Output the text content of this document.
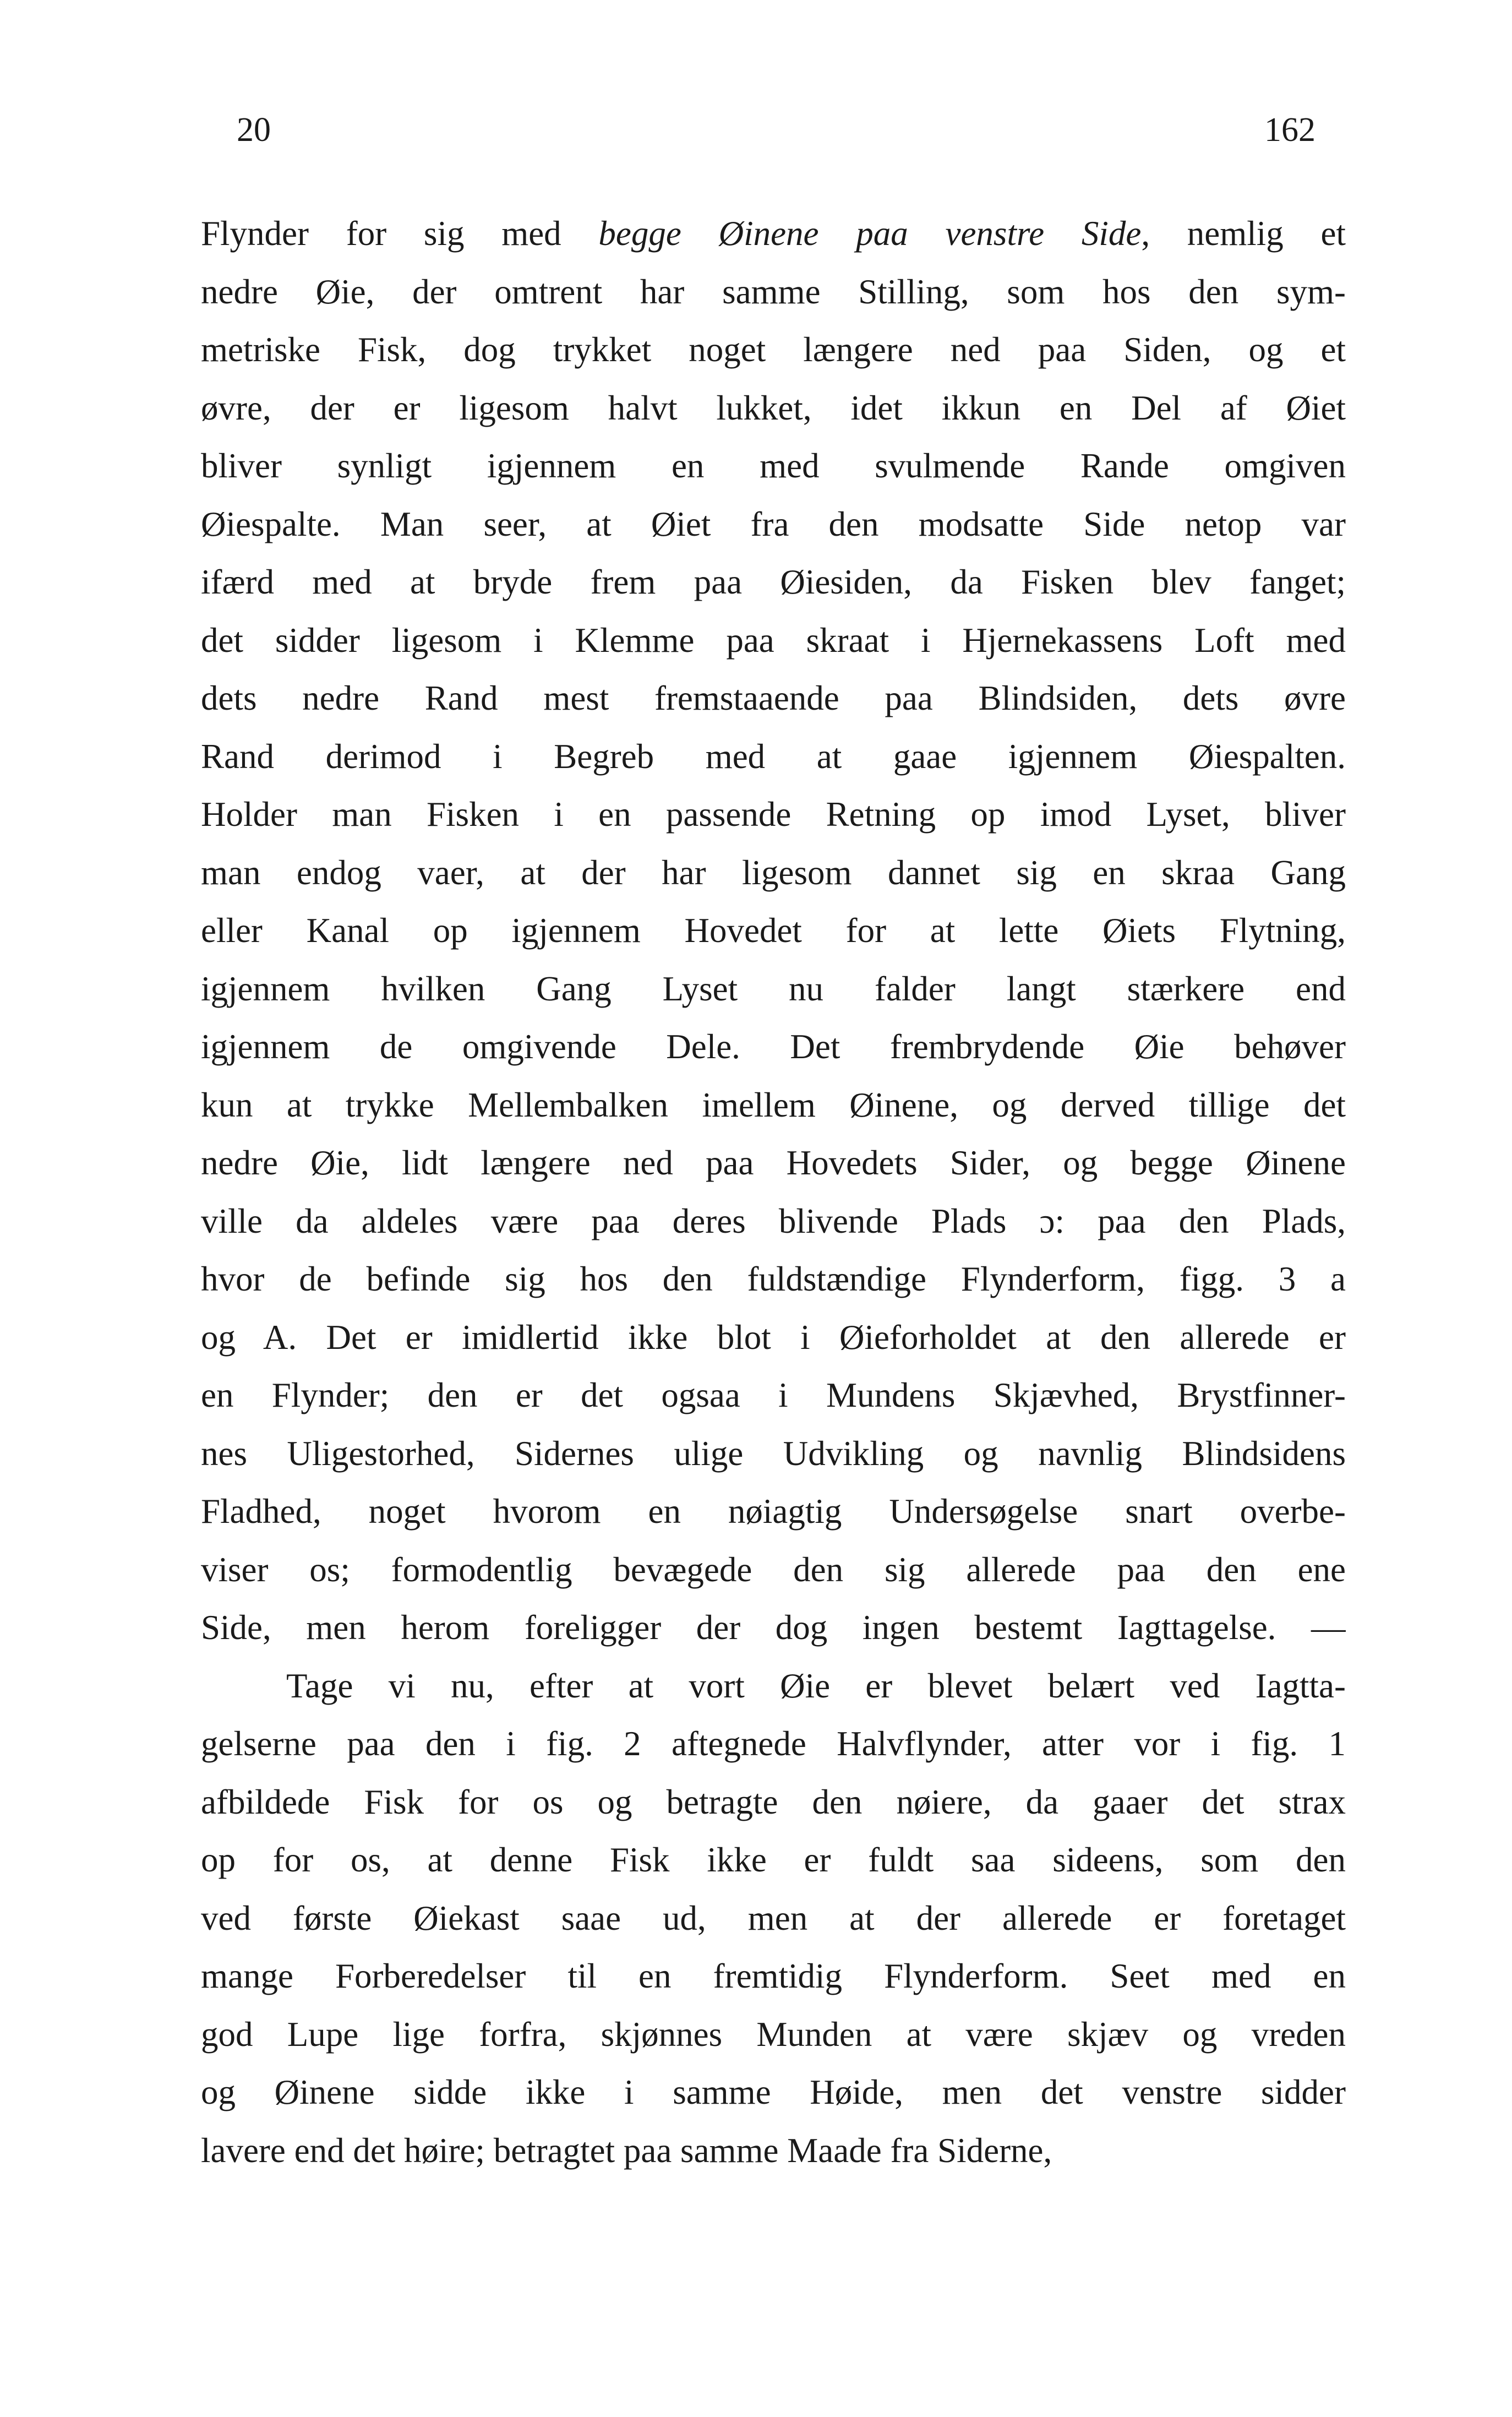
20	162
Flynder for sig med begge Øinene paa venstre Side, nemlig et
nedre Øie, der omtrent har samme Stilling, som hos den sym-
metriske Fisk, dog trykket noget længere ned paa Siden, og et
øvre, der er ligesom halvt lukket, idet ikkun en Del af Øiet
bliver synligt igjennem en med svulmende Rande omgiven
Øiespalte. Man seer, at Øiet fra den modsatte Side netop var
ifærd med at bryde frem paa Øiesiden, da Fisken blev fanget;
det sidder ligesom i Klemme paa skraat i Hjernekassens Loft med
dets nedre Rand mest fremstaaende paa Blindsiden, dets øvre
Rand derimod i Begreb med at gaae igjennem Øiespalten.
Holder man Fisken i en passende Retning op imod Lyset, bliver
man endog vaer, at der har ligesom dannet sig en skraa Gang
eller Kanal op igjennem Hovedet for at lette Øiets Flytning,
igjennem hvilken Gang Lyset nu falder langt stærkere end
igjennem de omgivende Dele. Det frembrydende Øie behøver
kun at trykke Mellembalken imellem Øinene, og derved tillige det
nedre Øie, lidt længere ned paa Hovedets Sider, og begge Øinene
ville da aldeles være paa deres blivende Plads ɔ: paa den Plads,
hvor de befinde sig hos den fuldstændige Flynderform, figg. 3 a
og A. Det er imidlertid ikke blot i Øieforholdet at den allerede er
en Flynder; den er det ogsaa i Mundens Skjævhed, Brystfinner-
nes Uligestorhed, Sidernes ulige Udvikling og navnlig Blindsidens
Fladhed, noget hvorom en nøiagtig Undersøgelse snart overbe-
viser os; formodentlig bevægede den sig allerede paa den ene
Side, men herom foreligger der dog ingen bestemt Iagttagelse. —
Tage vi nu, efter at vort Øie er blevet belært ved Iagtta-
gelserne paa den i fig. 2 aftegnede Halvflynder, atter vor i fig. 1
afbildede Fisk for os og betragte den nøiere, da gaaer det strax
op for os, at denne Fisk ikke er fuldt saa sideens, som den
ved første Øiekast saae ud, men at der allerede er foretaget
mange Forberedelser til en fremtidig Flynderform. Seet med en
god Lupe lige forfra, skjønnes Munden at være skjæv og vreden
og Øinene sidde ikke i samme Høide, men det venstre sidder
lavere end det høire; betragtet paa samme Maade fra Siderne,
